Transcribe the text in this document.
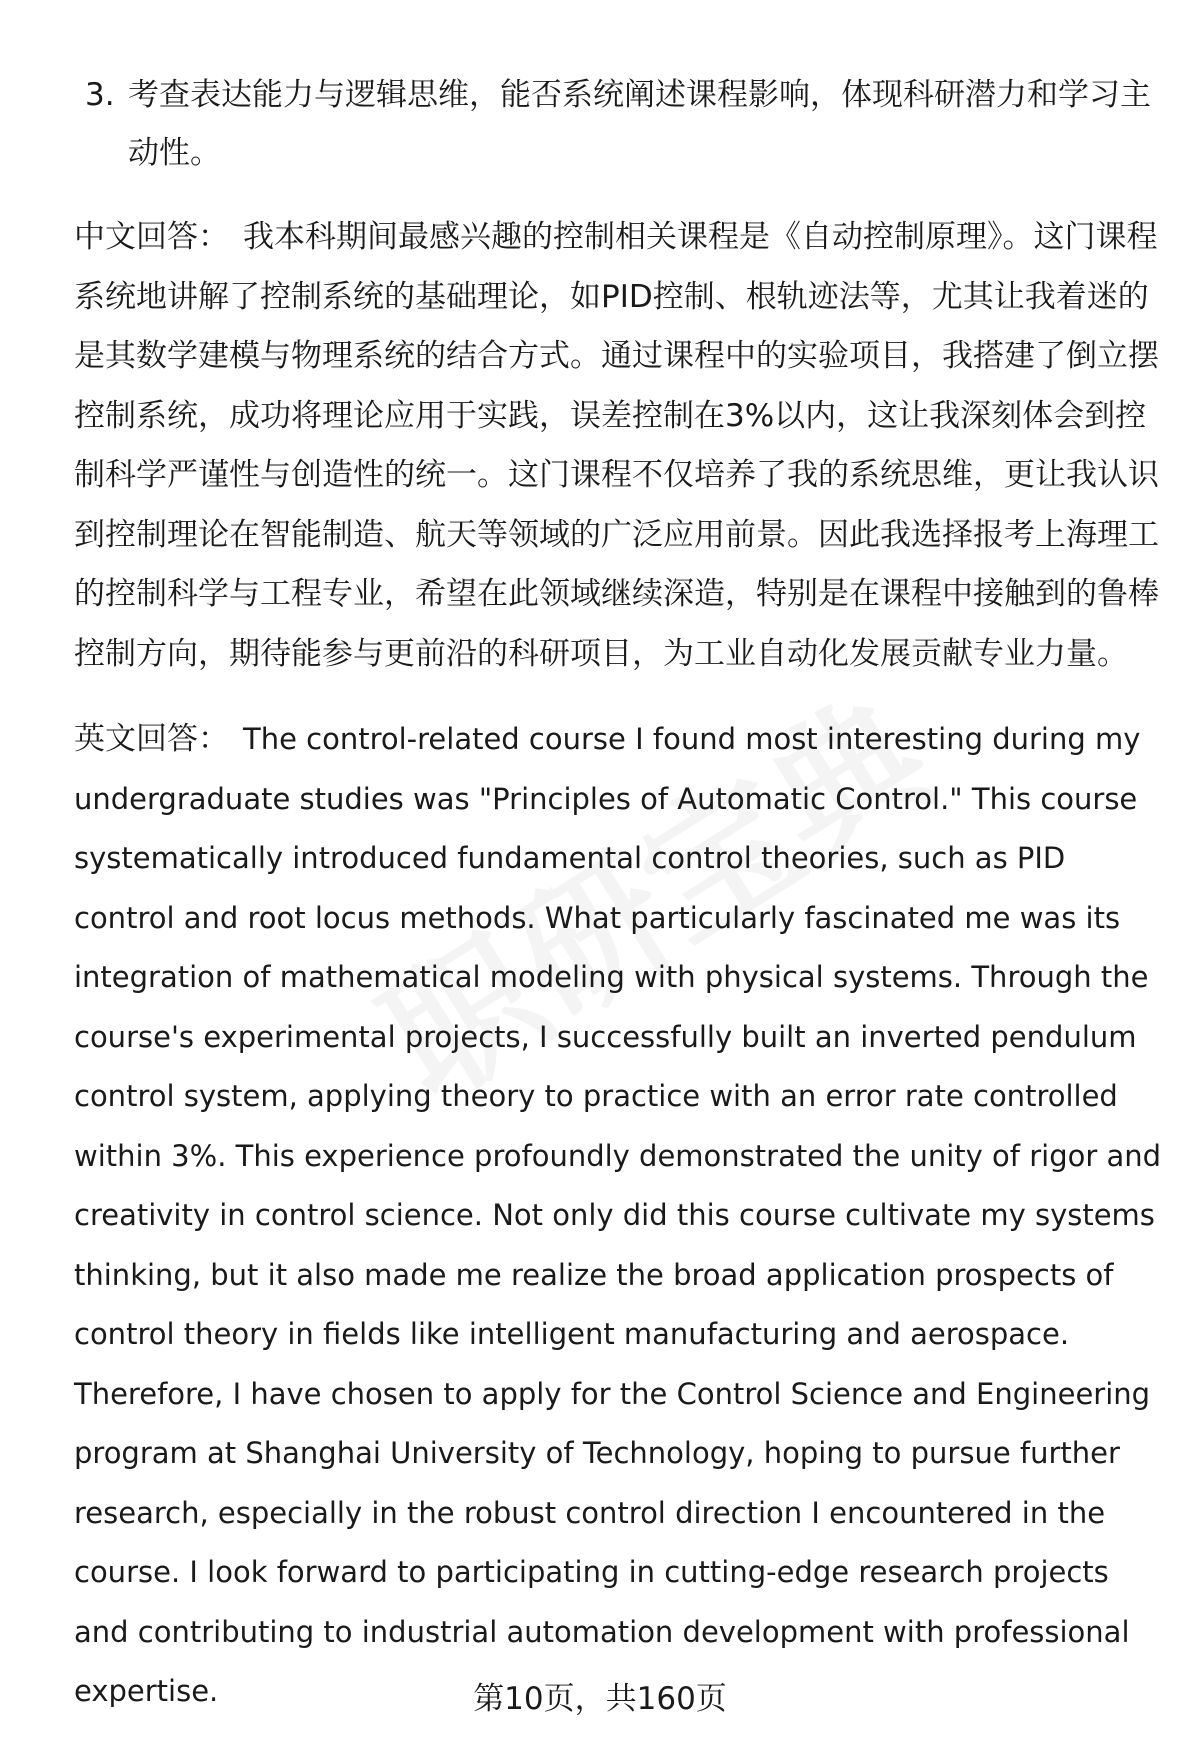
3. 考查表达能力与逻辑思维，能否系统阐述课程影响，体现科研潜力和学习主动性。

中文回答： 我本科期间最感兴趣的控制相关课程是《自动控制原理》。这门课程系统地讲解了控制系统的基础理论，如PID控制、根轨迹法等，尤其让我着迷的是其数学建模与物理系统的结合方式。通过课程中的实验项目，我搭建了倒立摆控制系统，成功将理论应用于实践，误差控制在3%以内，这让我深刻体会到控制科学严谨性与创造性的统一。这门课程不仅培养了我的系统思维，更让我认识到控制理论在智能制造、航天等领域的广泛应用前景。因此我选择报考上海理工的控制科学与工程专业，希望在此领域继续深造，特别是在课程中接触到的鲁棒控制方向，期待能参与更前沿的科研项目，为工业自动化发展贡献专业力量。

英文回答： The control-related course I found most interesting during my undergraduate studies was "Principles of Automatic Control." This course systematically introduced fundamental control theories, such as PID control and root locus methods. What particularly fascinated me was its integration of mathematical modeling with physical systems. Through the course's experimental projects, I successfully built an inverted pendulum control system, applying theory to practice with an error rate controlled within 3%. This experience profoundly demonstrated the unity of rigor and creativity in control science. Not only did this course cultivate my systems thinking, but it also made me realize the broad application prospects of control theory in fields like intelligent manufacturing and aerospace. Therefore, I have chosen to apply for the Control Science and Engineering program at Shanghai University of Technology, hoping to pursue further research, especially in the robust control direction I encountered in the course. I look forward to participating in cutting-edge research projects and contributing to industrial automation development with professional expertise.	第10页，共160页
